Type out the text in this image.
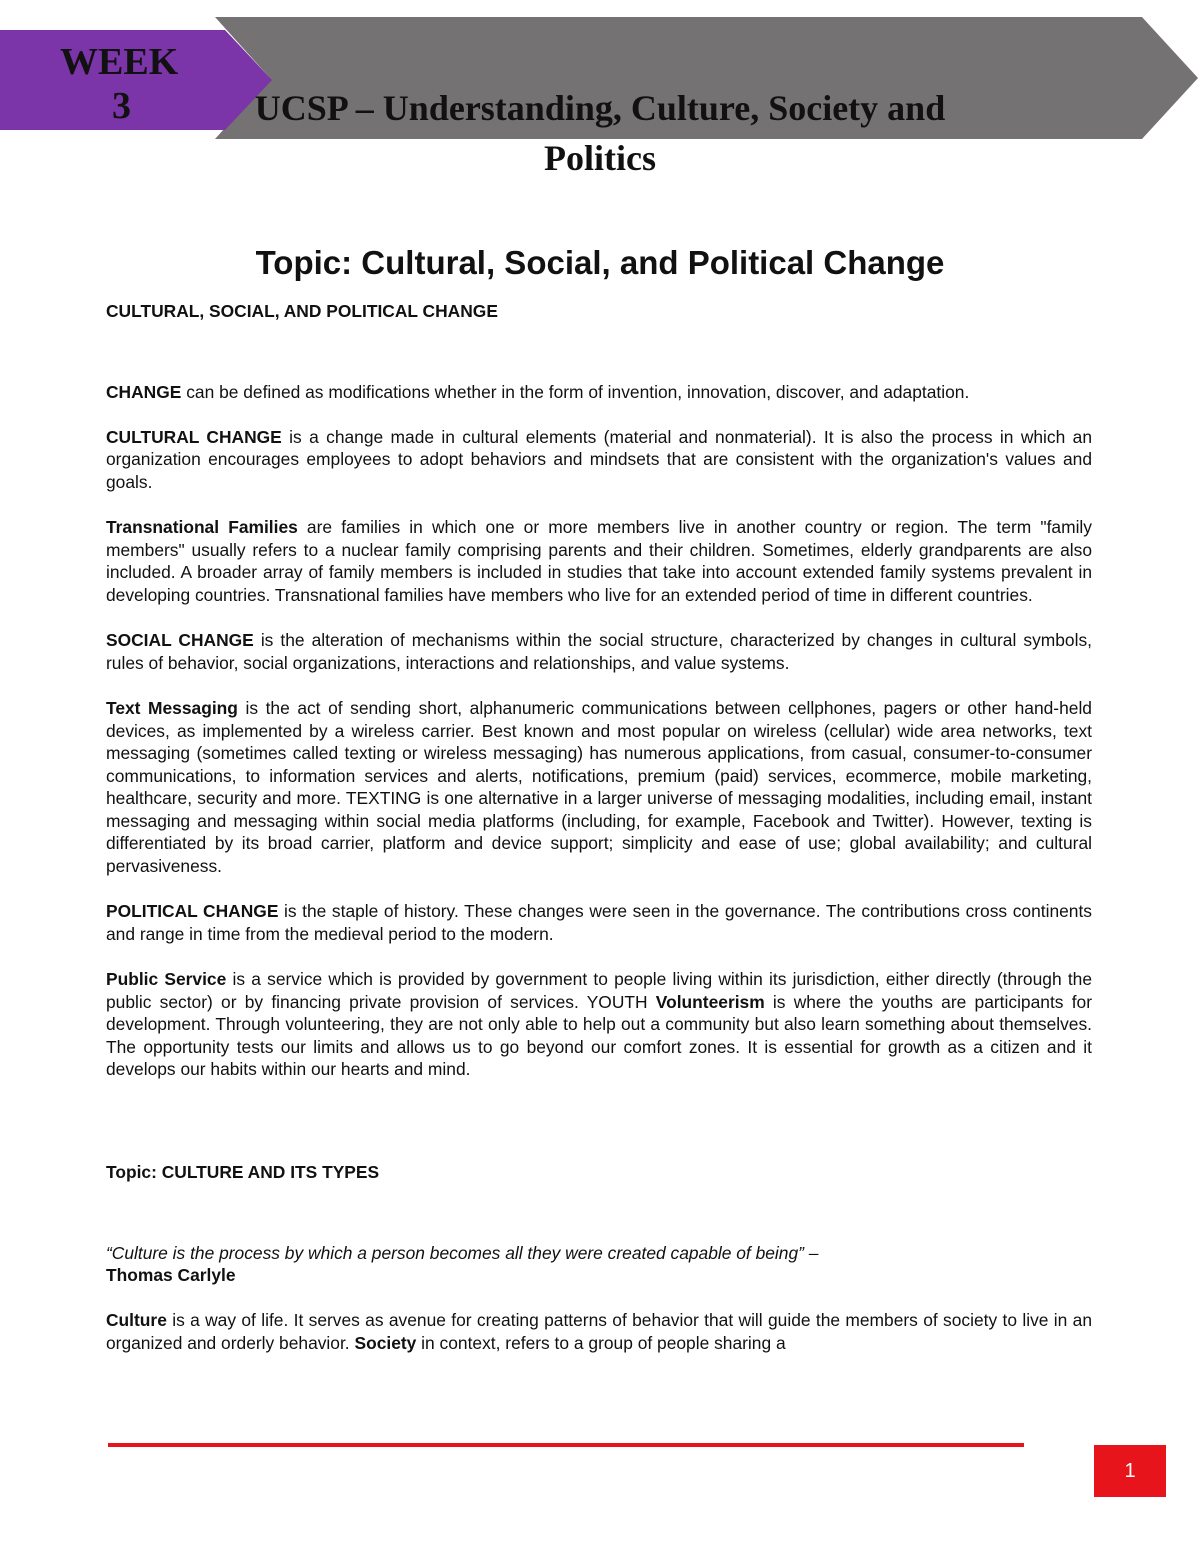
WEEK
3	UCSP – Understanding, Culture, Society and
Politics
Topic: Cultural, Social, and Political Change

CULTURAL, SOCIAL, AND POLITICAL CHANGE

CHANGE can be defined as modifications whether in the form of invention, innovation, discover, and adaptation.

CULTURAL CHANGE is a change made in cultural elements (material and nonmaterial). It is also the process in which an organization encourages employees to adopt behaviors and mindsets that are consistent with the organization's values and goals.

Transnational Families are families in which one or more members live in another country or region. The term "family members" usually refers to a nuclear family comprising parents and their children. Sometimes, elderly grandparents are also included. A broader array of family members is included in studies that take into account extended family systems prevalent in developing countries. Transnational families have members who live for an extended period of time in different countries.

SOCIAL CHANGE is the alteration of mechanisms within the social structure, characterized by changes in cultural symbols, rules of behavior, social organizations, interactions and relationships, and value systems.

Text Messaging is the act of sending short, alphanumeric communications between cellphones, pagers or other hand-held devices, as implemented by a wireless carrier. Best known and most popular on wireless (cellular) wide area networks, text messaging (sometimes called texting or wireless messaging) has numerous applications, from casual, consumer-to-consumer communications, to information services and alerts, notifications, premium (paid) services, ecommerce, mobile marketing, healthcare, security and more. TEXTING is one alternative in a larger universe of messaging modalities, including email, instant messaging and messaging within social media platforms (including, for example, Facebook and Twitter). However, texting is differentiated by its broad carrier, platform and device support; simplicity and ease of use; global availability; and cultural pervasiveness.

POLITICAL CHANGE is the staple of history. These changes were seen in the governance. The contributions cross continents and range in time from the medieval period to the modern.

Public Service is a service which is provided by government to people living within its jurisdiction, either directly (through the public sector) or by financing private provision of services. YOUTH Volunteerism is where the youths are participants for development. Through volunteering, they are not only able to help out a community but also learn something about themselves. The opportunity tests our limits and allows us to go beyond our comfort zones. It is essential for growth as a citizen and it develops our habits within our hearts and mind.

Topic: CULTURE AND ITS TYPES

“Culture is the process by which a person becomes all they were created capable of being” –

Thomas Carlyle

Culture is a way of life. It serves as avenue for creating patterns of behavior that will guide the members of society to live in an organized and orderly behavior. Society in context, refers to a group of people sharing a

1
